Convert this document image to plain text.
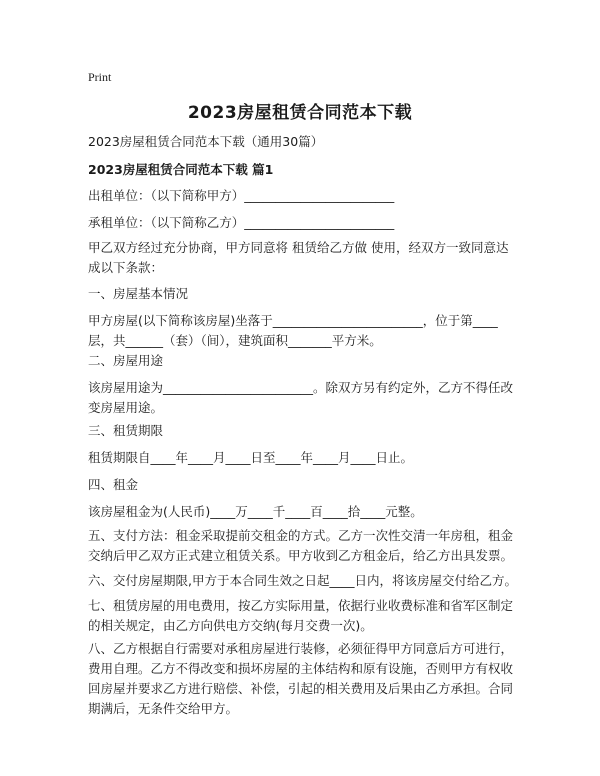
Print
2023房屋租赁合同范本下载
2023房屋租赁合同范本下载（通用30篇）
2023房屋租赁合同范本下载 篇1
出租单位：（以下简称甲方）________________________
承租单位：（以下简称乙方）________________________
甲乙双方经过充分协商，甲方同意将 租赁给乙方做 使用，经双方一致同意达成以下条款：
一、房屋基本情况
甲方房屋(以下简称该房屋)坐落于________________________，位于第____层，共______（套）（间），建筑面积_______平方米。
二、房屋用途
该房屋用途为________________________。除双方另有约定外，乙方不得任改变房屋用途。
三、租赁期限
租赁期限自____年____月____日至____年____月____日止。
四、租金
该房屋租金为(人民币)____万____千____百____拾____元整。
五、支付方法：租金采取提前交租金的方式。乙方一次性交清一年房租，租金交纳后甲乙双方正式建立租赁关系。甲方收到乙方租金后，给乙方出具发票。
六、交付房屋期限,甲方于本合同生效之日起____日内，将该房屋交付给乙方。
七、租赁房屋的用电费用，按乙方实际用量，依据行业收费标准和省军区制定的相关规定，由乙方向供电方交纳(每月交费一次)。
八、乙方根据自行需要对承租房屋进行装修，必须征得甲方同意后方可进行，费用自理。乙方不得改变和损坏房屋的主体结构和原有设施，否则甲方有权收回房屋并要求乙方进行赔偿、补偿，引起的相关费用及后果由乙方承担。合同期满后，无条件交给甲方。
